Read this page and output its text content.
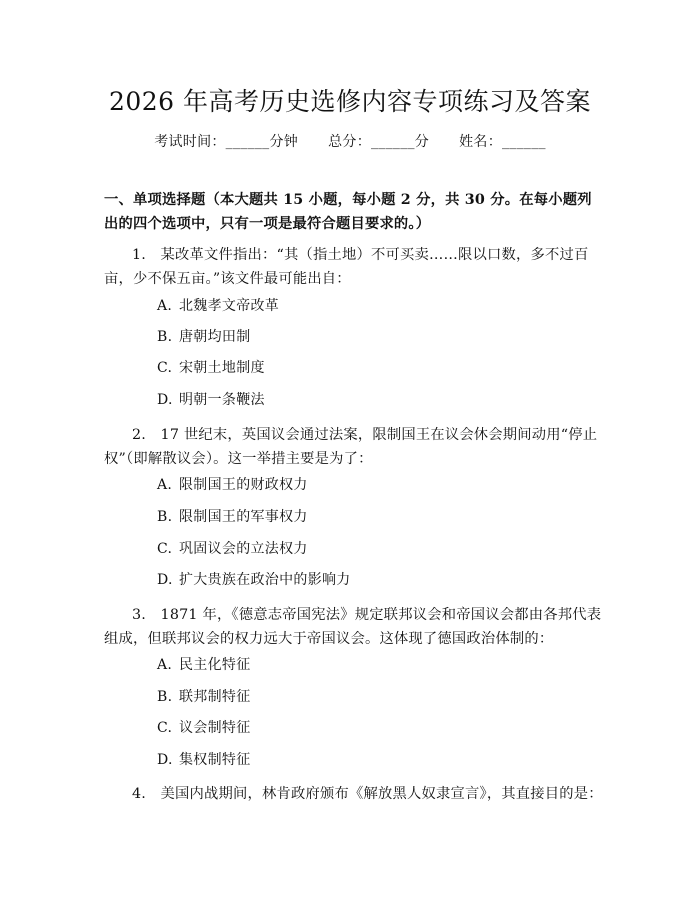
2026 年高考历史选修内容专项练习及答案
考试时间：______分钟 总分：______分 姓名：______
一、单项选择题（本大题共 15 小题，每小题 2 分，共 30 分。在每小题列出的四个选项中，只有一项是最符合题目要求的。）
1.　某改革文件指出：“其（指土地）不可买卖……限以口数，多不过百亩，少不保五亩。”该文件最可能出自：
A. 北魏孝文帝改革
B. 唐朝均田制
C. 宋朝土地制度
D. 明朝一条鞭法
2.　17 世纪末，英国议会通过法案，限制国王在议会休会期间动用“停止权”（即解散议会）。这一举措主要是为了：
A. 限制国王的财政权力
B. 限制国王的军事权力
C. 巩固议会的立法权力
D. 扩大贵族在政治中的影响力
3.　1871 年，《德意志帝国宪法》规定联邦议会和帝国议会都由各邦代表组成，但联邦议会的权力远大于帝国议会。这体现了德国政治体制的：
A. 民主化特征
B. 联邦制特征
C. 议会制特征
D. 集权制特征
4.　美国内战期间，林肯政府颁布《解放黑人奴隶宣言》，其直接目的是：
